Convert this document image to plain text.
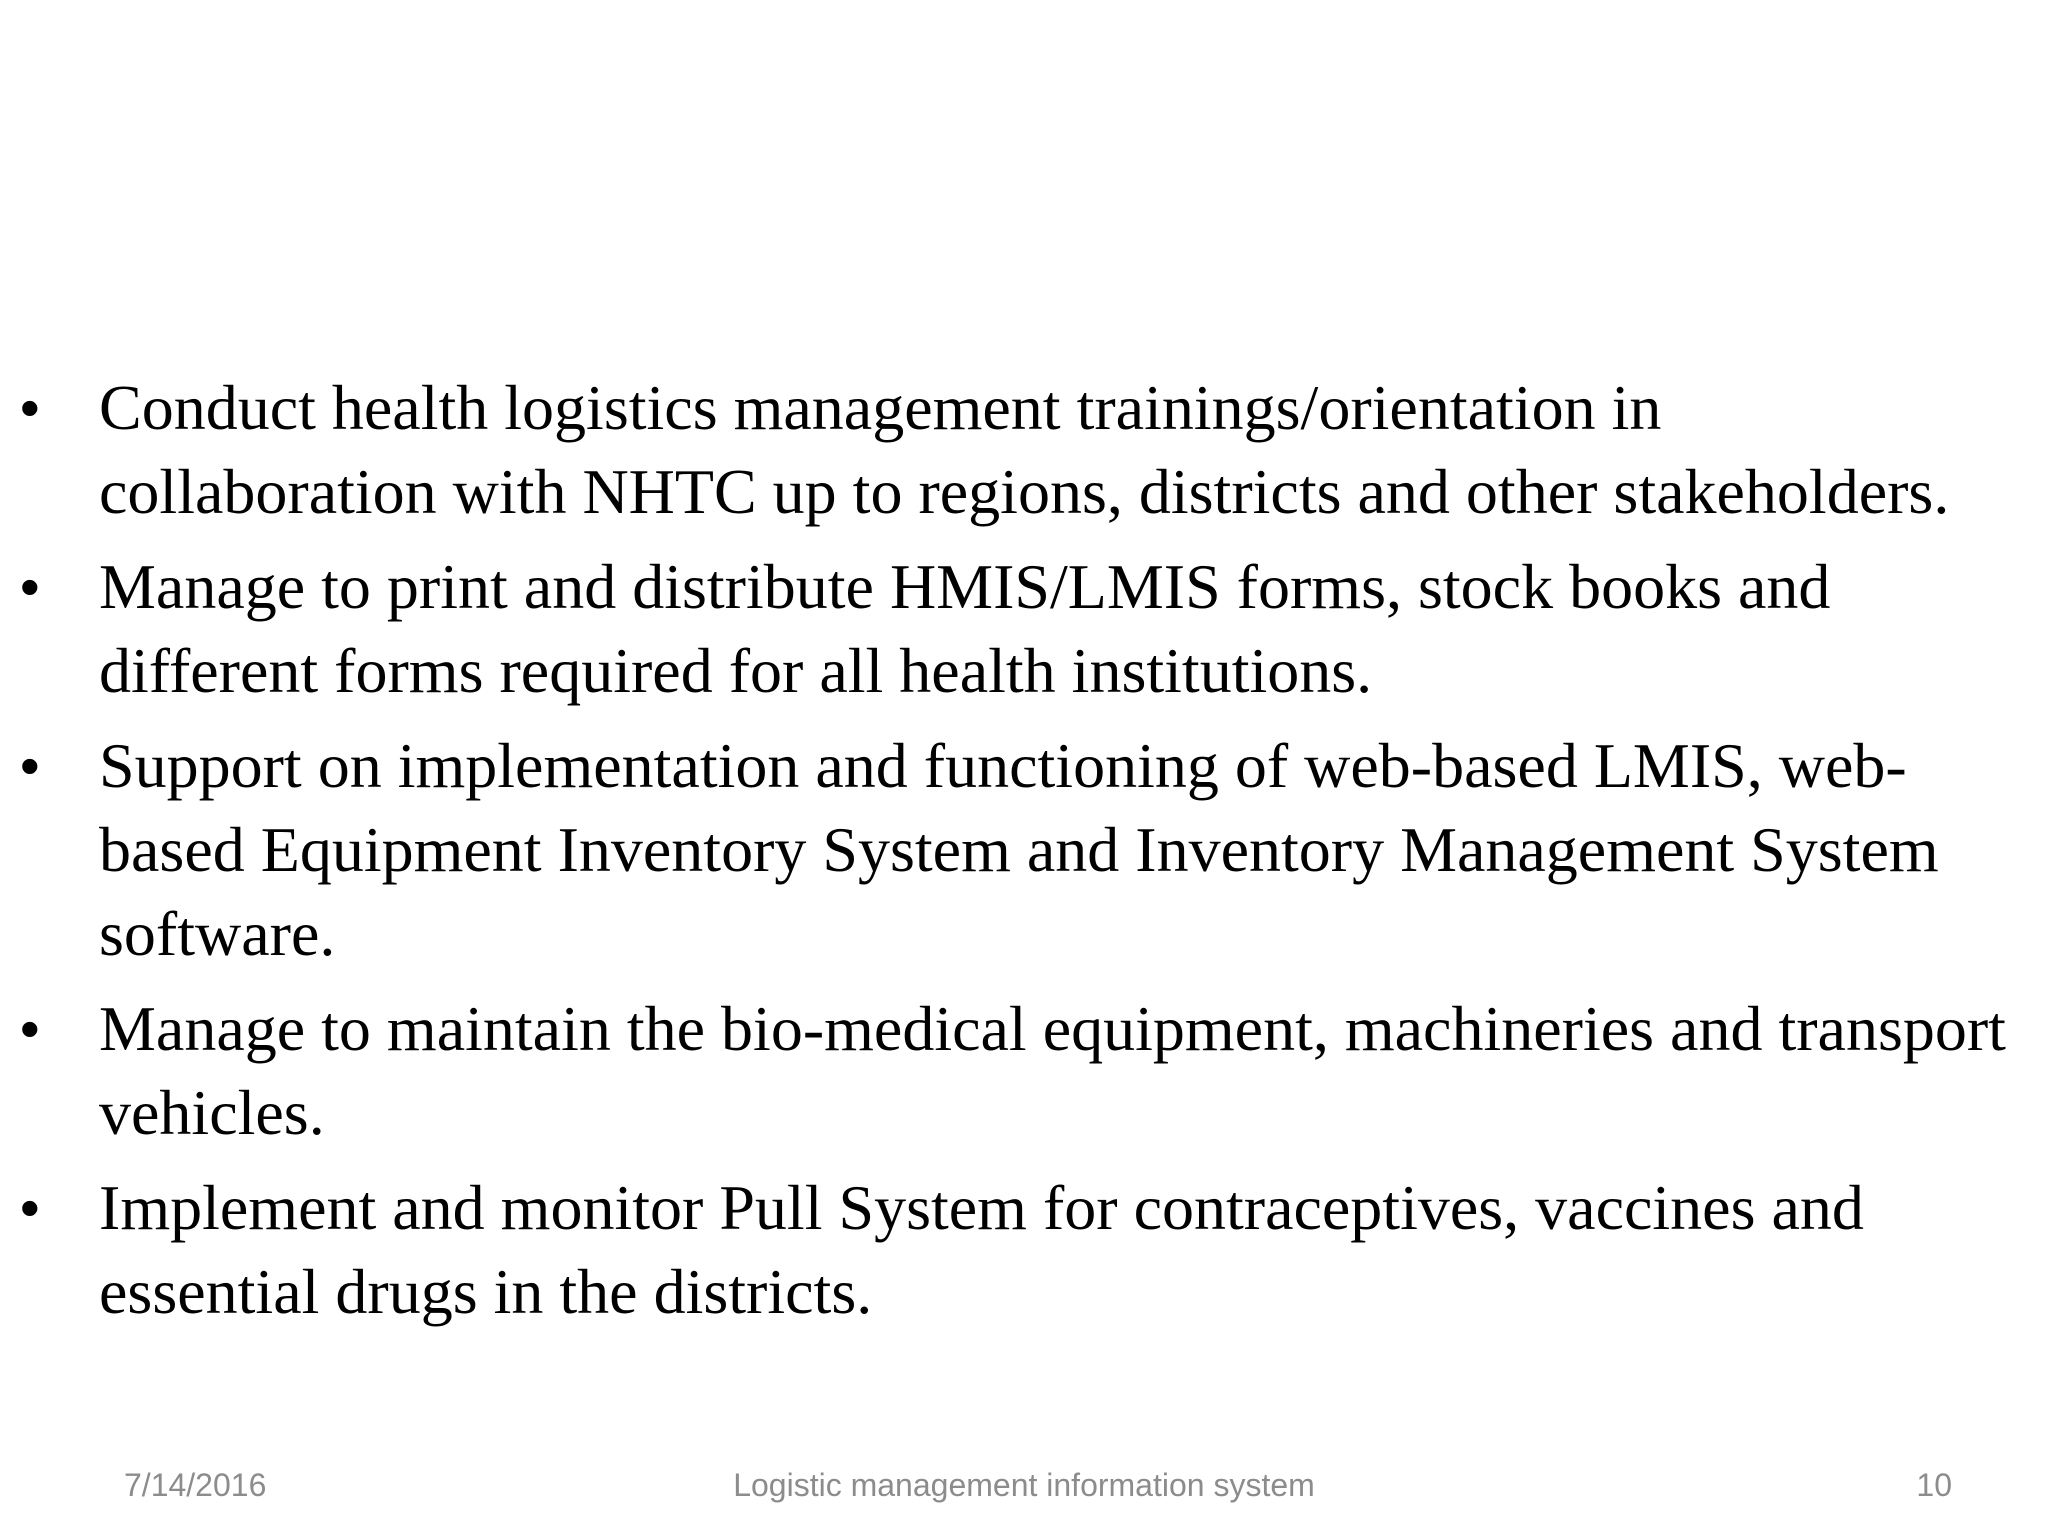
• Conduct health logistics management trainings/orientation in collaboration with NHTC up to regions, districts and other stakeholders.
• Manage to print and distribute HMIS/LMIS forms, stock books and different forms required for all health institutions.
• Support on implementation and functioning of web-based LMIS, web-based Equipment Inventory System and Inventory Management System software.
• Manage to maintain the bio-medical equipment, machineries and transport vehicles.
• Implement and monitor Pull System for contraceptives, vaccines and essential drugs in the districts.
Logistic management information system
7/14/2016	10
